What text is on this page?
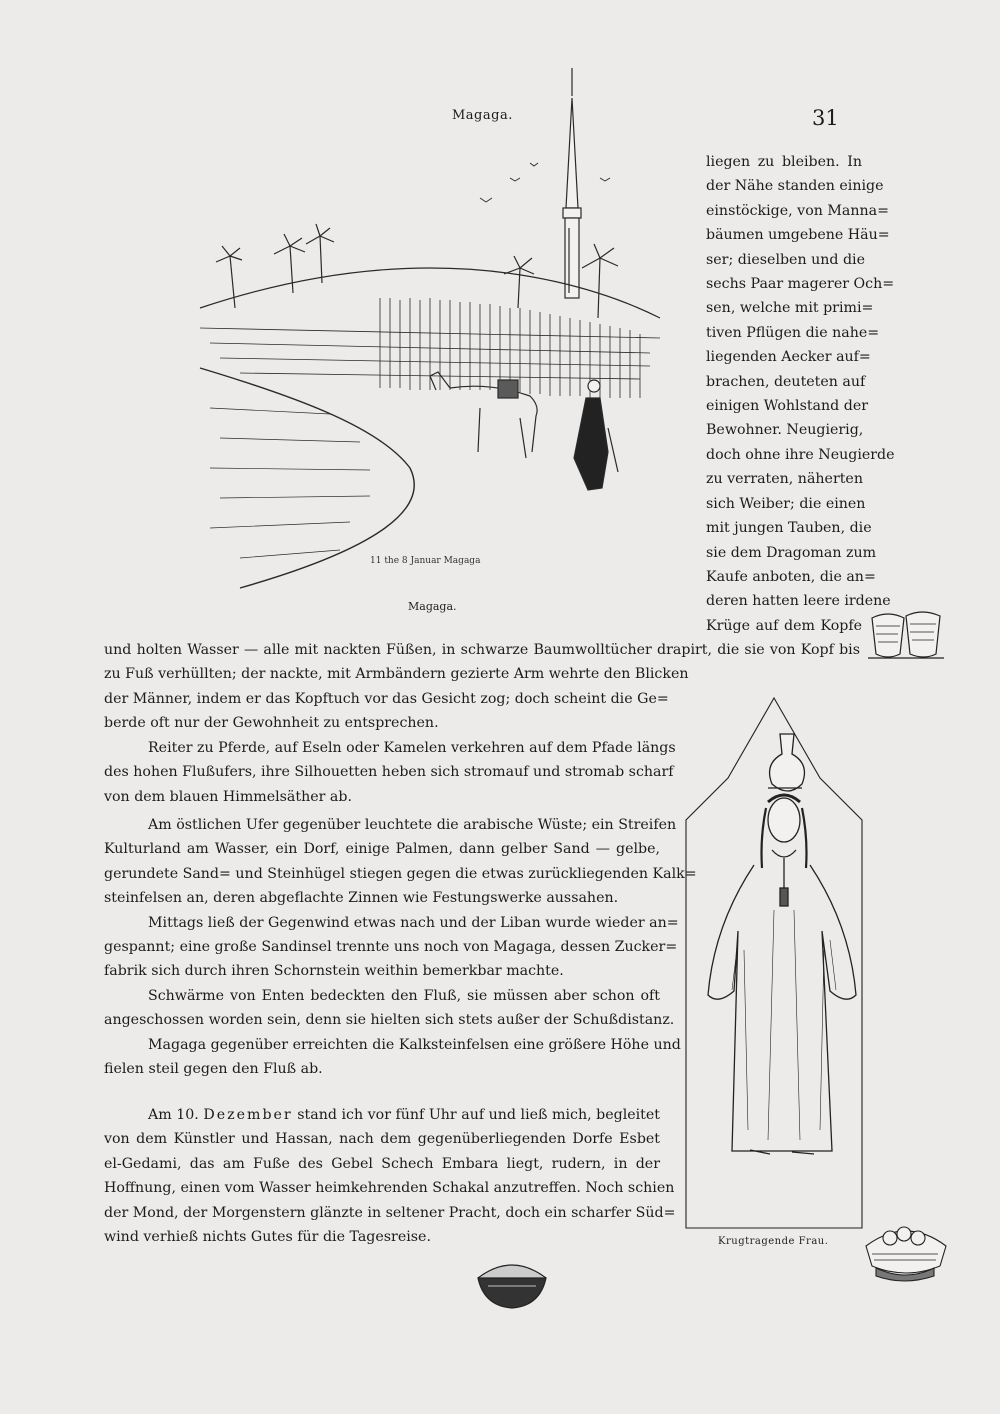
Magaga.	31
11 the 8 Januar Magaga
Magaga.
liegen zu bleiben. In
der Nähe standen einige
einstöckige, von Manna=
bäumen umgebene Häu=
ser; dieselben und die
sechs Paar magerer Och=
sen, welche mit primi=
tiven Pflügen die nahe=
liegenden Aecker auf=
brachen, deuteten auf
einigen Wohlstand der
Bewohner. Neugierig,
doch ohne ihre Neugierde
zu verraten, näherten
sich Weiber; die einen
mit jungen Tauben, die
sie dem Dragoman zum
Kaufe anboten, die an=
deren hatten leere irdene
Krüge auf dem Kopfe
und holten Wasser — alle mit nackten Füßen, in schwarze Baumwolltücher drapirt, die sie von Kopf bis
zu Fuß verhüllten; der nackte, mit Armbändern gezierte Arm wehrte den Blicken
der Männer, indem er das Kopftuch vor das Gesicht zog; doch scheint die Ge=
berde oft nur der Gewohnheit zu entsprechen.
Reiter zu Pferde, auf Eseln oder Kamelen verkehren auf dem Pfade längs
des hohen Flußufers, ihre Silhouetten heben sich stromauf und stromab scharf
von dem blauen Himmelsäther ab.
Am östlichen Ufer gegenüber leuchtete die arabische Wüste; ein Streifen
Kulturland am Wasser, ein Dorf, einige Palmen, dann gelber Sand — gelbe,
gerundete Sand= und Steinhügel stiegen gegen die etwas zurückliegenden Kalk=
steinfelsen an, deren abgeflachte Zinnen wie Festungswerke aussahen.
Mittags ließ der Gegenwind etwas nach und der Liban wurde wieder an=
gespannt; eine große Sandinsel trennte uns noch von Magaga, dessen Zucker=
fabrik sich durch ihren Schornstein weithin bemerkbar machte.
Schwärme von Enten bedeckten den Fluß, sie müssen aber schon oft
angeschossen worden sein, denn sie hielten sich stets außer der Schußdistanz.
Magaga gegenüber erreichten die Kalksteinfelsen eine größere Höhe und
fielen steil gegen den Fluß ab.
Am 10. Dezember stand ich vor fünf Uhr auf und ließ mich, begleitet
von dem Künstler und Hassan, nach dem gegenüberliegenden Dorfe Esbet
el-Gedami, das am Fuße des Gebel Schech Embara liegt, rudern, in der
Hoffnung, einen vom Wasser heimkehrenden Schakal anzutreffen. Noch schien
der Mond, der Morgenstern glänzte in seltener Pracht, doch ein scharfer Süd=
wind verhieß nichts Gutes für die Tagesreise.	Krugtragende Frau.
